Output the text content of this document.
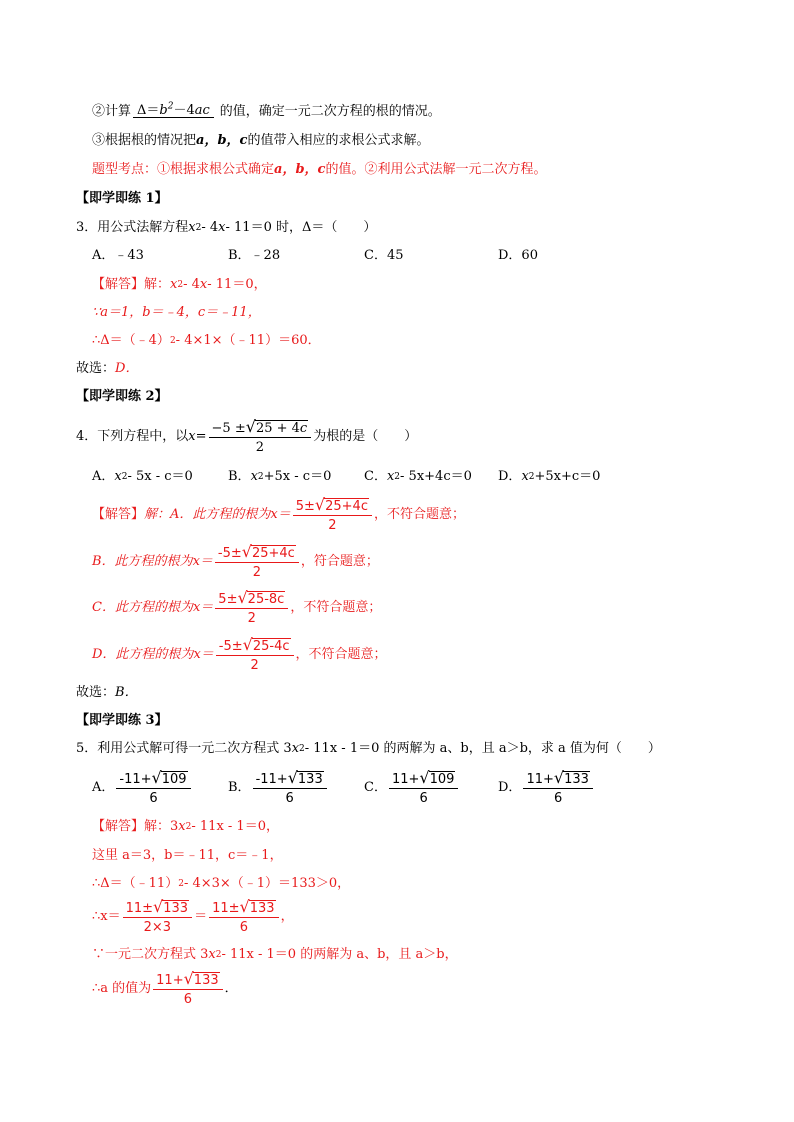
②计算 $\Delta=b^2-4ac$ 的值，确定一元二次方程的根的情况。
③根据根的情况把 a，b，c 的值带入相应的求根公式求解。
题型考点：①根据求根公式确定 a，b，c 的值。②利用公式法解一元二次方程。
【即学即练 1】
3．用公式法解方程 x 2 - 4 x - 11＝0 时，Δ＝（　　）
A．﹣43	B．﹣28	C．45	D．60
【解答】 解： x 2 - 4 x - 11＝0，
∵a＝1，b＝﹣4，c＝﹣11，
∴Δ＝（﹣4） 2 - 4×1×（﹣11）＝60．
故选： D．
【即学即练 2】
4．下列方程中，以 $x = \frac{-5 \pm √ 25 + 4c}{2}$ 为根的是（　　）
A． x 2 - 5x - c＝0	B． x 2 +5x - c＝0	C． x 2 - 5x+4c＝0 D． x 2 +5x+c＝0
【解答】 解：A．此方程的根为 $x= \frac{5\pm √ 25+4c}{2}$ ，不符合题意；
B．此方程的根为 $x= \frac{-5\pm √ 25+4c}{2}$ ，符合题意；
C．此方程的根为 $x= \frac{5\pm √ 25-8c}{2}$ ，不符合题意；
D．此方程的根为 $x= \frac{-5\pm √ 25-4c}{2}$ ，不符合题意；
故选： B．
【即学即练 3】
5．利用公式解可得一元二次方程式 3 x 2 - 11x - 1＝0 的两解为 a、b，且 a＞b，求 a 值为何（　　）
A． $\frac{-11+ √ 109}{6}$	B． $\frac{-11+ √ 133}{6}$	C． $\frac{11+ √ 109}{6}$	D． $\frac{11+ √ 133}{6}$
【解答】 解：3 x 2 - 11x - 1＝0，
这里 a＝3，b＝﹣11，c＝﹣1，
∴Δ＝（﹣11） 2 - 4×3×（﹣1）＝133＞0，
∴x＝ $\frac{11\pm √ 133}{2\times 3} = \frac{11\pm √ 133}{6}$ ，
∵一元二次方程式 3 x 2 - 11x - 1＝0 的两解为 a、b，且 a＞b，
∴a 的值为 $\frac{11+ √ 133}{6}$ ．
